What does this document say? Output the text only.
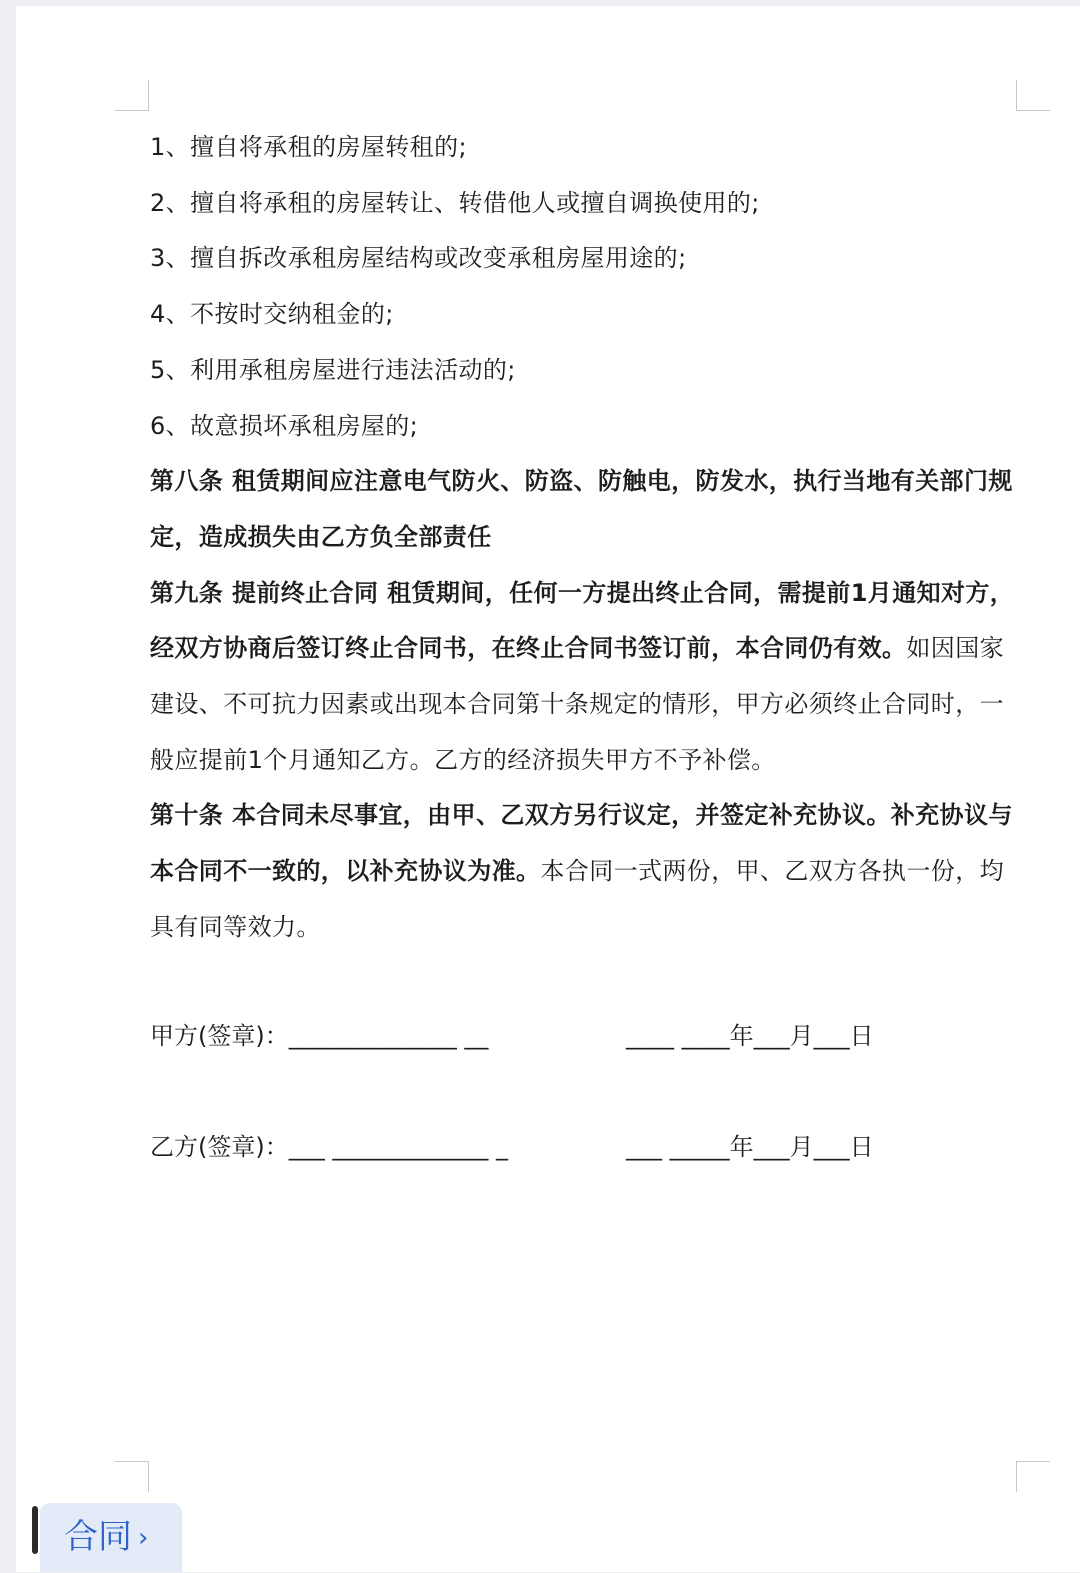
1、擅自将承租的房屋转租的;

2、擅自将承租的房屋转让、转借他人或擅自调换使用的;

3、擅自拆改承租房屋结构或改变承租房屋用途的;

4、不按时交纳租金的;

5、利用承租房屋进行违法活动的;

6、故意损坏承租房屋的;

第八条 租赁期间应注意电气防火、防盗、防触电，防发水，执行当地有关部门规定，造成损失由乙方负全部责任

第九条 提前终止合同 租赁期间，任何一方提出终止合同，需提前1月通知对方，经双方协商后签订终止合同书，在终止合同书签订前，本合同仍有效。如因国家建设、不可抗力因素或出现本合同第十条规定的情形，甲方必须终止合同时，一般应提前1个月通知乙方。乙方的经济损失甲方不予补偿。

第十条 本合同未尽事宜，由甲、乙双方另行议定，并签定补充协议。补充协议与本合同不一致的，以补充协议为准。本合同一式两份，甲、乙双方各执一份，均具有同等效力。

甲方(签章)：______________ __	____ ____年___月___日
乙方(签章)：___ _____________ _	___ _____年___月___日
合同 ›
